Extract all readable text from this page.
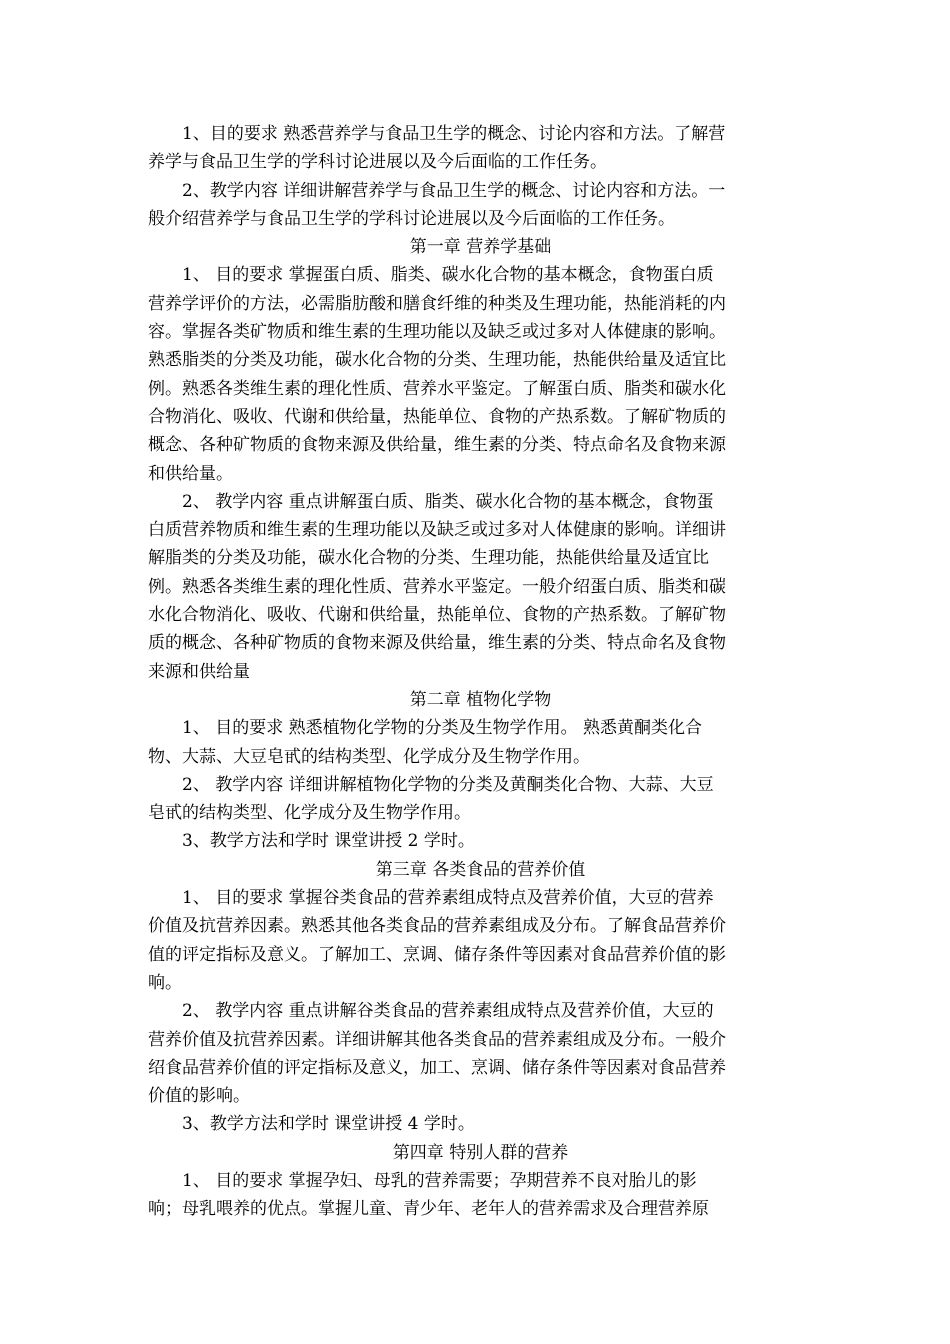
1、目的要求 熟悉营养学与食品卫生学的概念、讨论内容和方法。了解营
养学与食品卫生学的学科讨论进展以及今后面临的工作任务。
2、教学内容 详细讲解营养学与食品卫生学的概念、讨论内容和方法。一
般介绍营养学与食品卫生学的学科讨论进展以及今后面临的工作任务。
第一章 营养学基础
1、 目的要求 掌握蛋白质、脂类、碳水化合物的基本概念，食物蛋白质
营养学评价的方法，必需脂肪酸和膳食纤维的种类及生理功能，热能消耗的内
容。掌握各类矿物质和维生素的生理功能以及缺乏或过多对人体健康的影响。
熟悉脂类的分类及功能，碳水化合物的分类、生理功能，热能供给量及适宜比
例。熟悉各类维生素的理化性质、营养水平鉴定。了解蛋白质、脂类和碳水化
合物消化、吸收、代谢和供给量，热能单位、食物的产热系数。了解矿物质的
概念、各种矿物质的食物来源及供给量，维生素的分类、特点命名及食物来源
和供给量。
2、 教学内容 重点讲解蛋白质、脂类、碳水化合物的基本概念，食物蛋
白质营养物质和维生素的生理功能以及缺乏或过多对人体健康的影响。详细讲
解脂类的分类及功能，碳水化合物的分类、生理功能，热能供给量及适宜比
例。熟悉各类维生素的理化性质、营养水平鉴定。一般介绍蛋白质、脂类和碳
水化合物消化、吸收、代谢和供给量，热能单位、食物的产热系数。了解矿物
质的概念、各种矿物质的食物来源及供给量，维生素的分类、特点命名及食物
来源和供给量
第二章 植物化学物
1、 目的要求 熟悉植物化学物的分类及生物学作用。 熟悉黄酮类化合
物、大蒜、大豆皂甙的结构类型、化学成分及生物学作用。
2、 教学内容 详细讲解植物化学物的分类及黄酮类化合物、大蒜、大豆
皂甙的结构类型、化学成分及生物学作用。
3、教学方法和学时 课堂讲授 2 学时。
第三章 各类食品的营养价值
1、 目的要求 掌握谷类食品的营养素组成特点及营养价值，大豆的营养
价值及抗营养因素。熟悉其他各类食品的营养素组成及分布。了解食品营养价
值的评定指标及意义。了解加工、烹调、储存条件等因素对食品营养价值的影
响。
2、 教学内容 重点讲解谷类食品的营养素组成特点及营养价值，大豆的
营养价值及抗营养因素。详细讲解其他各类食品的营养素组成及分布。一般介
绍食品营养价值的评定指标及意义，加工、烹调、储存条件等因素对食品营养
价值的影响。
3、教学方法和学时 课堂讲授 4 学时。
第四章 特别人群的营养
1、 目的要求 掌握孕妇、母乳的营养需要；孕期营养不良对胎儿的影
响；母乳喂养的优点。掌握儿童、青少年、老年人的营养需求及合理营养原
